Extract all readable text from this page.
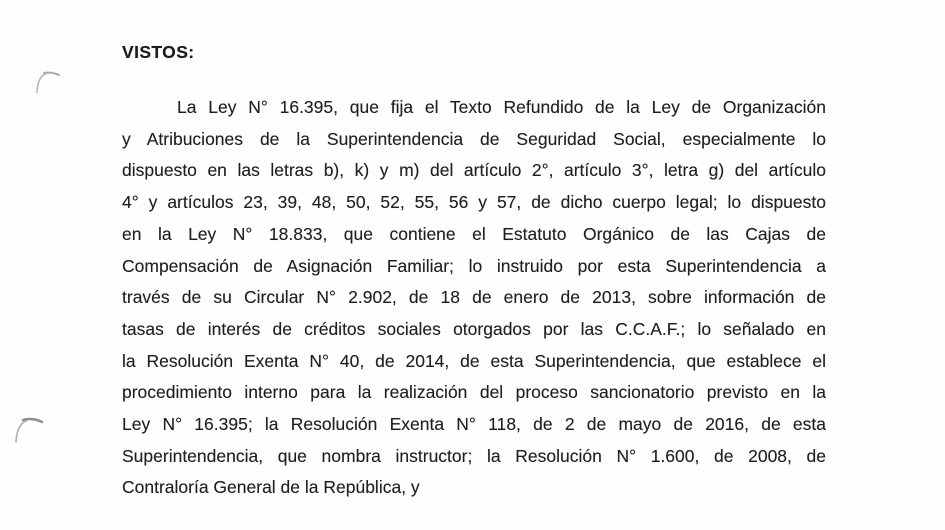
VISTOS:
La Ley N° 16.395, que fija el Texto Refundido de la Ley de Organización
y Atribuciones de la Superintendencia de Seguridad Social, especialmente lo
dispuesto en las letras b), k) y m) del artículo 2°, artículo 3°, letra g) del artículo
4° y artículos 23, 39, 48, 50, 52, 55, 56 y 57, de dicho cuerpo legal; lo dispuesto
en la Ley N° 18.833, que contiene el Estatuto Orgánico de las Cajas de
Compensación de Asignación Familiar; lo instruido por esta Superintendencia a
través de su Circular N° 2.902, de 18 de enero de 2013, sobre información de
tasas de interés de créditos sociales otorgados por las C.C.A.F.; lo señalado en
la Resolución Exenta N° 40, de 2014, de esta Superintendencia, que establece el
procedimiento interno para la realización del proceso sancionatorio previsto en la
Ley N° 16.395; la Resolución Exenta N° 118, de 2 de mayo de 2016, de esta
Superintendencia, que nombra instructor; la Resolución N° 1.600, de 2008, de
Contraloría General de la República, y
